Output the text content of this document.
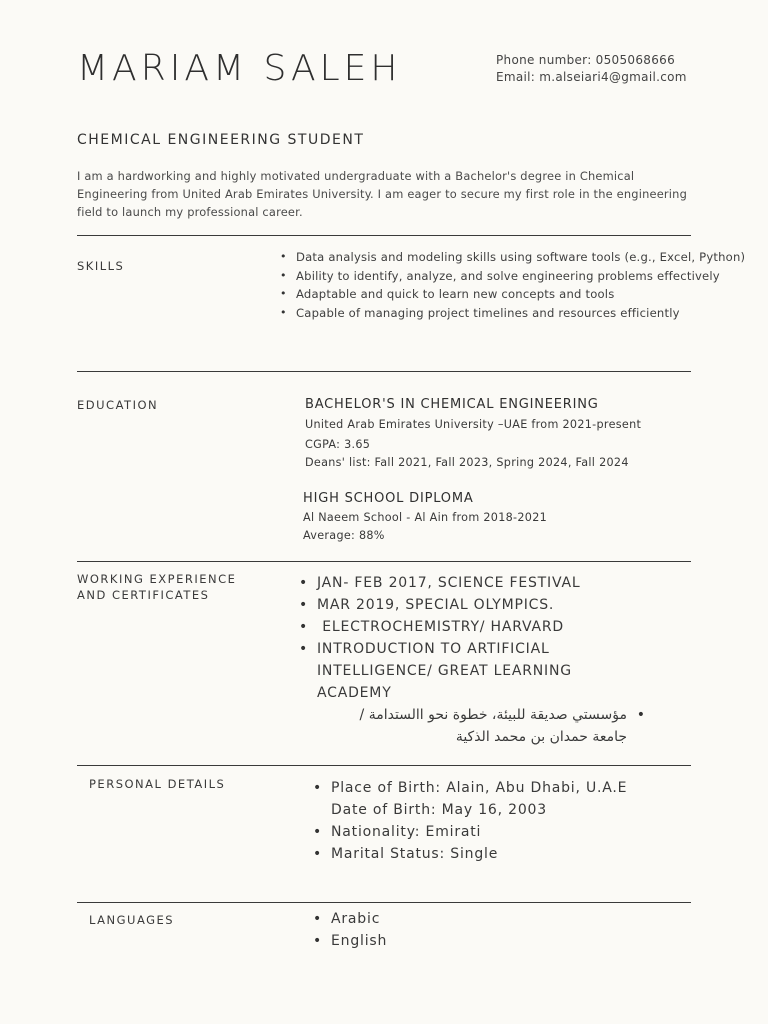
MARIAM SALEH	Phone number: 0505068666
Email: m.alseiari4@gmail.com
CHEMICAL ENGINEERING STUDENT
I am a hardworking and highly motivated undergraduate with a Bachelor's degree in Chemical Engineering from United Arab Emirates University. I am eager to secure my first role in the engineering field to launch my professional career.
SKILLS
• Data analysis and modeling skills using software tools (e.g., Excel, Python)
• Ability to identify, analyze, and solve engineering problems effectively
• Adaptable and quick to learn new concepts and tools
• Capable of managing project timelines and resources efficiently
EDUCATION	BACHELOR'S IN CHEMICAL ENGINEERING
United Arab Emirates University –UAE from 2021-present
CGPA: 3.65
Deans' list: Fall 2021, Fall 2023, Spring 2024, Fall 2024
HIGH SCHOOL DIPLOMA
Al Naeem School - Al Ain from 2018-2021
Average: 88%
WORKING EXPERIENCE
AND CERTIFICATES
• JAN- FEB 2017, SCIENCE FESTIVAL
• MAR 2019, SPECIAL OLYMPICS.
•  ELECTROCHEMISTRY/ HARVARD
• INTRODUCTION TO ARTIFICIAL INTELLIGENCE/ GREAT LEARNING ACADEMY
• مؤسستي صديقة للبيئة، خطوة نحو االستدامة / جامعة حمدان بن محمد الذكية
PERSONAL DETAILS	• Place of Birth: Alain, Abu Dhabi, U.A.E
Date of Birth: May 16, 2003
• Nationality: Emirati
• Marital Status: Single
LANGUAGES	• Arabic
• English
